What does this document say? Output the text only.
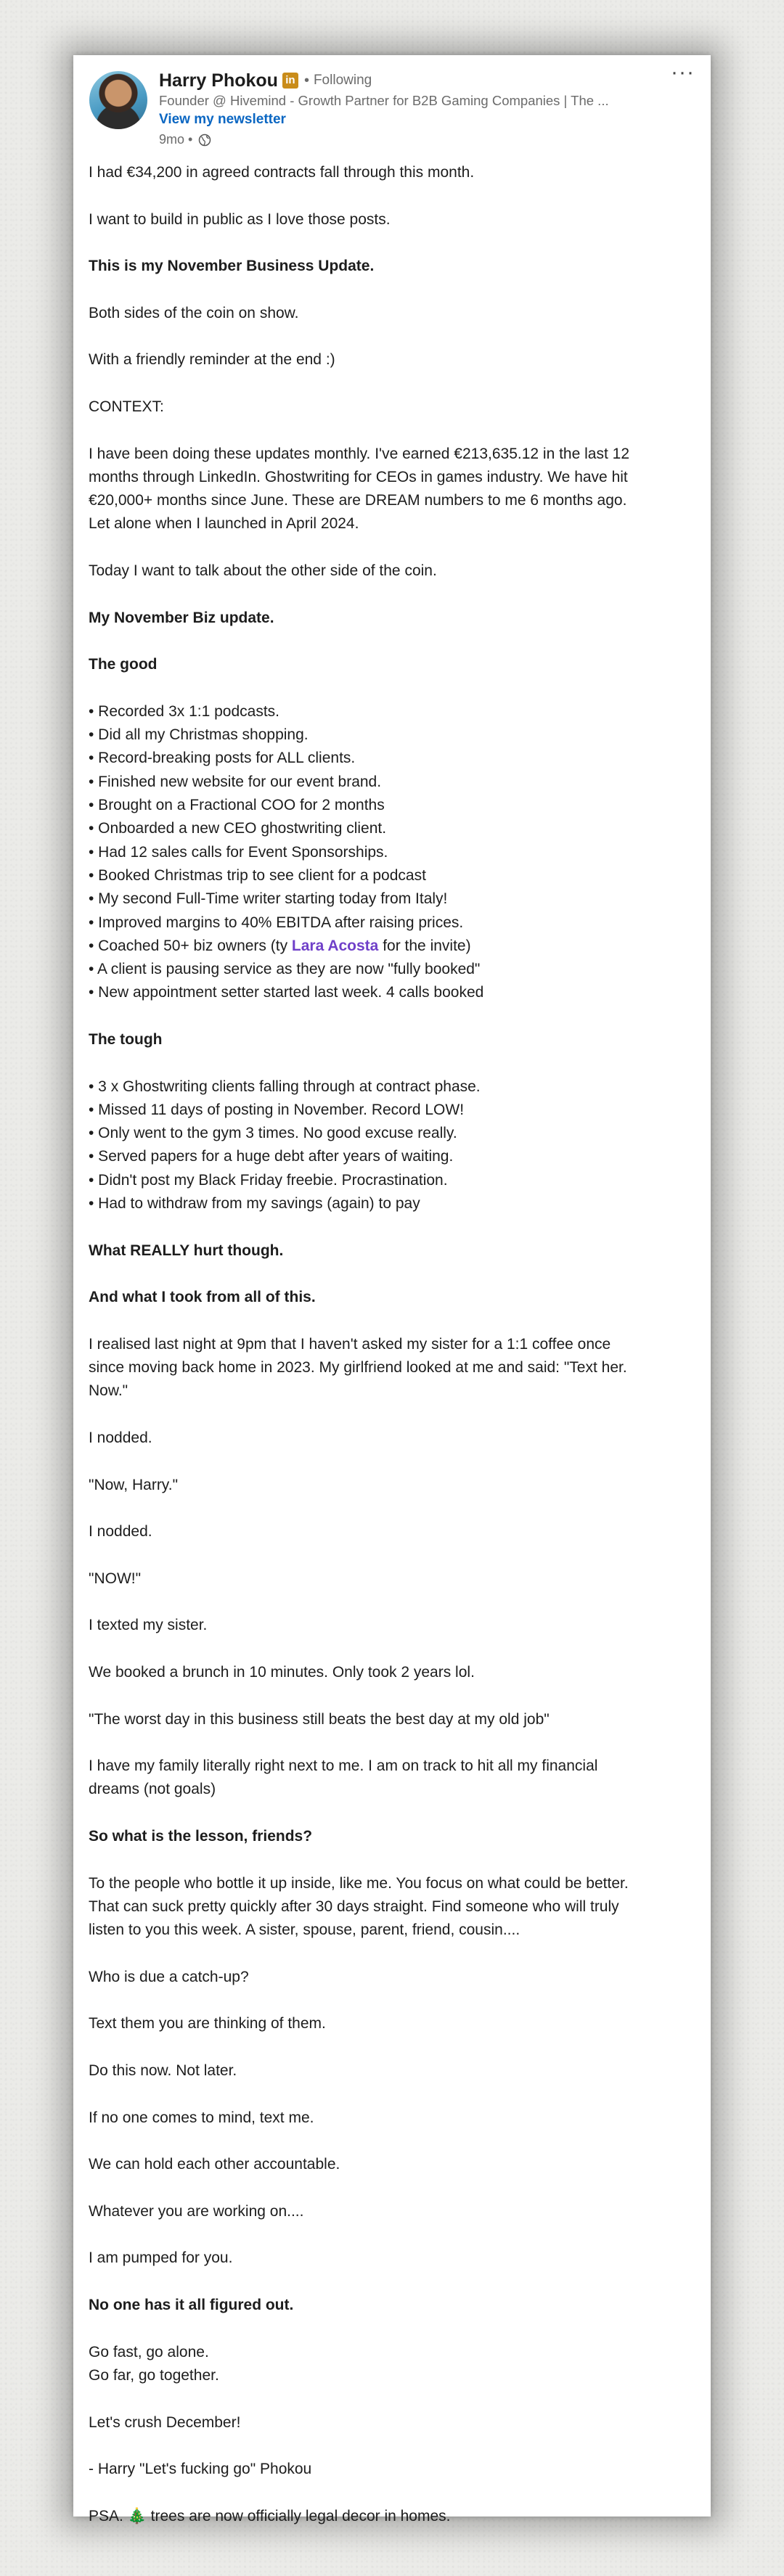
Harry Phokou in • Following
Founder @ Hivemind - Growth Partner for B2B Gaming Companies | The ...
View my newsletter
9mo •
···
I had €34,200 in agreed contracts fall through this month.
I want to build in public as I love those posts.
This is my November Business Update.
Both sides of the coin on show.
With a friendly reminder at the end :)
CONTEXT:
I have been doing these updates monthly. I've earned €213,635.12 in the last 12
months through LinkedIn. Ghostwriting for CEOs in games industry. We have hit
€20,000+ months since June. These are DREAM numbers to me 6 months ago.
Let alone when I launched in April 2024.
Today I want to talk about the other side of the coin.
My November Biz update.
The good
• Recorded 3x 1:1 podcasts.
• Did all my Christmas shopping.
• Record-breaking posts for ALL clients.
• Finished new website for our event brand.
• Brought on a Fractional COO for 2 months
• Onboarded a new CEO ghostwriting client.
• Had 12 sales calls for Event Sponsorships.
• Booked Christmas trip to see client for a podcast
• My second Full-Time writer starting today from Italy!
• Improved margins to 40% EBITDA after raising prices.
• Coached 50+ biz owners (ty Lara Acosta for the invite)
• A client is pausing service as they are now "fully booked"
• New appointment setter started last week. 4 calls booked
The tough
• 3 x Ghostwriting clients falling through at contract phase.
• Missed 11 days of posting in November. Record LOW!
• Only went to the gym 3 times. No good excuse really.
• Served papers for a huge debt after years of waiting.
• Didn't post my Black Friday freebie. Procrastination.
• Had to withdraw from my savings (again) to pay
What REALLY hurt though.
And what I took from all of this.
I realised last night at 9pm that I haven't asked my sister for a 1:1 coffee once
since moving back home in 2023. My girlfriend looked at me and said: "Text her.
Now."
I nodded.
"Now, Harry."
I nodded.
"NOW!"
I texted my sister.
We booked a brunch in 10 minutes. Only took 2 years lol.
"The worst day in this business still beats the best day at my old job"
I have my family literally right next to me. I am on track to hit all my financial
dreams (not goals)
So what is the lesson, friends?
To the people who bottle it up inside, like me. You focus on what could be better.
That can suck pretty quickly after 30 days straight. Find someone who will truly
listen to you this week. A sister, spouse, parent, friend, cousin....
Who is due a catch-up?
Text them you are thinking of them.
Do this now. Not later.
If no one comes to mind, text me.
We can hold each other accountable.
Whatever you are working on....
I am pumped for you.
No one has it all figured out.
Go fast, go alone.
Go far, go together.
Let's crush December!
- Harry "Let's fucking go" Phokou
PSA. 🎄 trees are now officially legal decor in homes.
